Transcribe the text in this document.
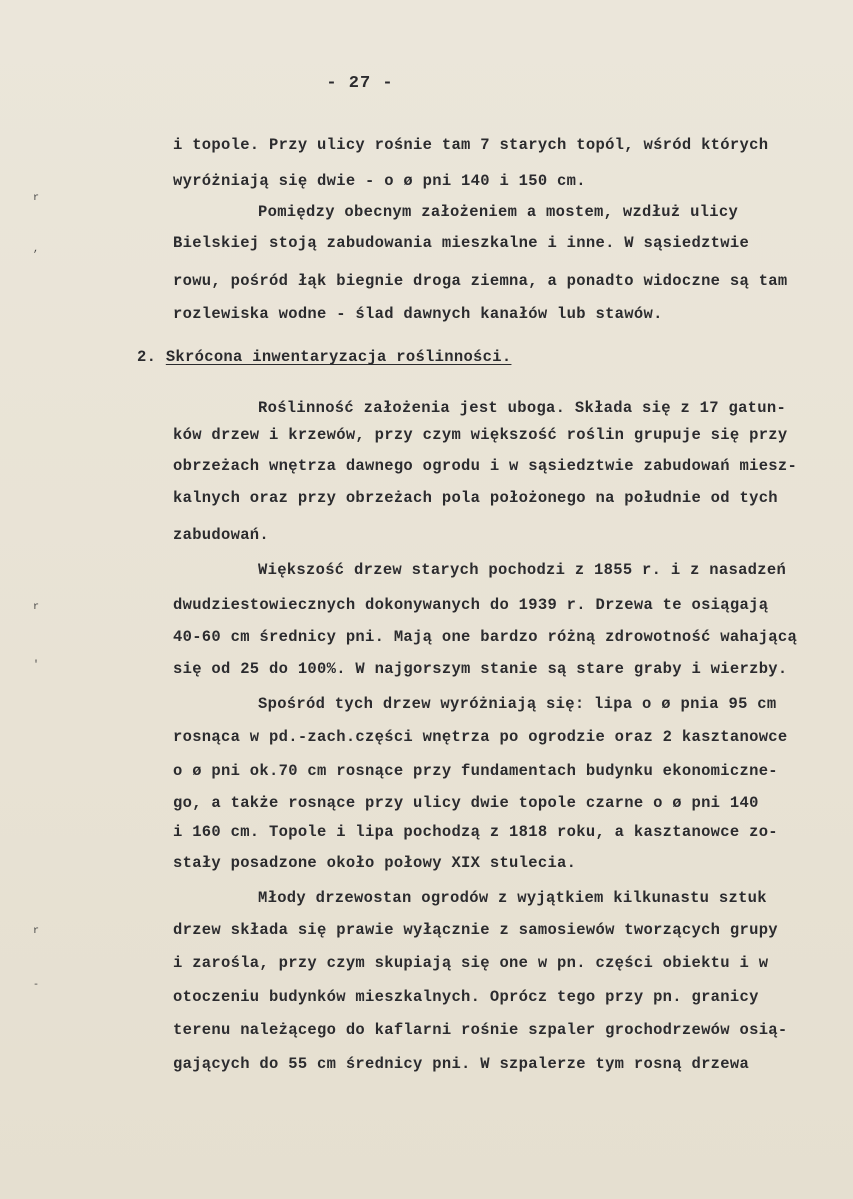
- 27 -
i topole. Przy ulicy rośnie tam 7 starych topól, wśród których
wyróżniają się dwie - o ø pni 140 i 150 cm.
Pomiędzy obecnym założeniem a mostem, wzdłuż ulicy
Bielskiej stoją zabudowania mieszkalne i inne. W sąsiedztwie
rowu, pośród łąk biegnie droga ziemna, a ponadto widoczne są tam
rozlewiska wodne - ślad dawnych kanałów lub stawów.
2. Skrócona inwentaryzacja roślinności.
Roślinność założenia jest uboga. Składa się z 17 gatun-
ków drzew i krzewów, przy czym większość roślin grupuje się przy
obrzeżach wnętrza dawnego ogrodu i w sąsiedztwie zabudowań miesz-
kalnych oraz przy obrzeżach pola położonego na południe od tych
zabudowań.
Większość drzew starych pochodzi z 1855 r. i z nasadzeń
dwudziestowiecznych dokonywanych do 1939 r. Drzewa te osiągają
40-60 cm średnicy pni. Mają one bardzo różną zdrowotność wahającą
się od 25 do 100%. W najgorszym stanie są stare graby i wierzby.
Spośród tych drzew wyróżniają się: lipa o ø pnia 95 cm
rosnąca w pd.-zach.części wnętrza po ogrodzie oraz 2 kasztanowce
o ø pni ok.70 cm rosnące przy fundamentach budynku ekonomiczne-
go, a także rosnące przy ulicy dwie topole czarne o ø pni 140
i 160 cm. Topole i lipa pochodzą z 1818 roku, a kasztanowce zo-
stały posadzone około połowy XIX stulecia.
Młody drzewostan ogrodów z wyjątkiem kilkunastu sztuk
drzew składa się prawie wyłącznie z samosiewów tworzących grupy
i zarośla, przy czym skupiają się one w pn. części obiektu i w
otoczeniu budynków mieszkalnych. Oprócz tego przy pn. granicy
terenu należącego do kaflarni rośnie szpaler grochodrzewów osią-
gających do 55 cm średnicy pni. W szpalerze tym rosną drzewa
r
,
r
'
r
-
